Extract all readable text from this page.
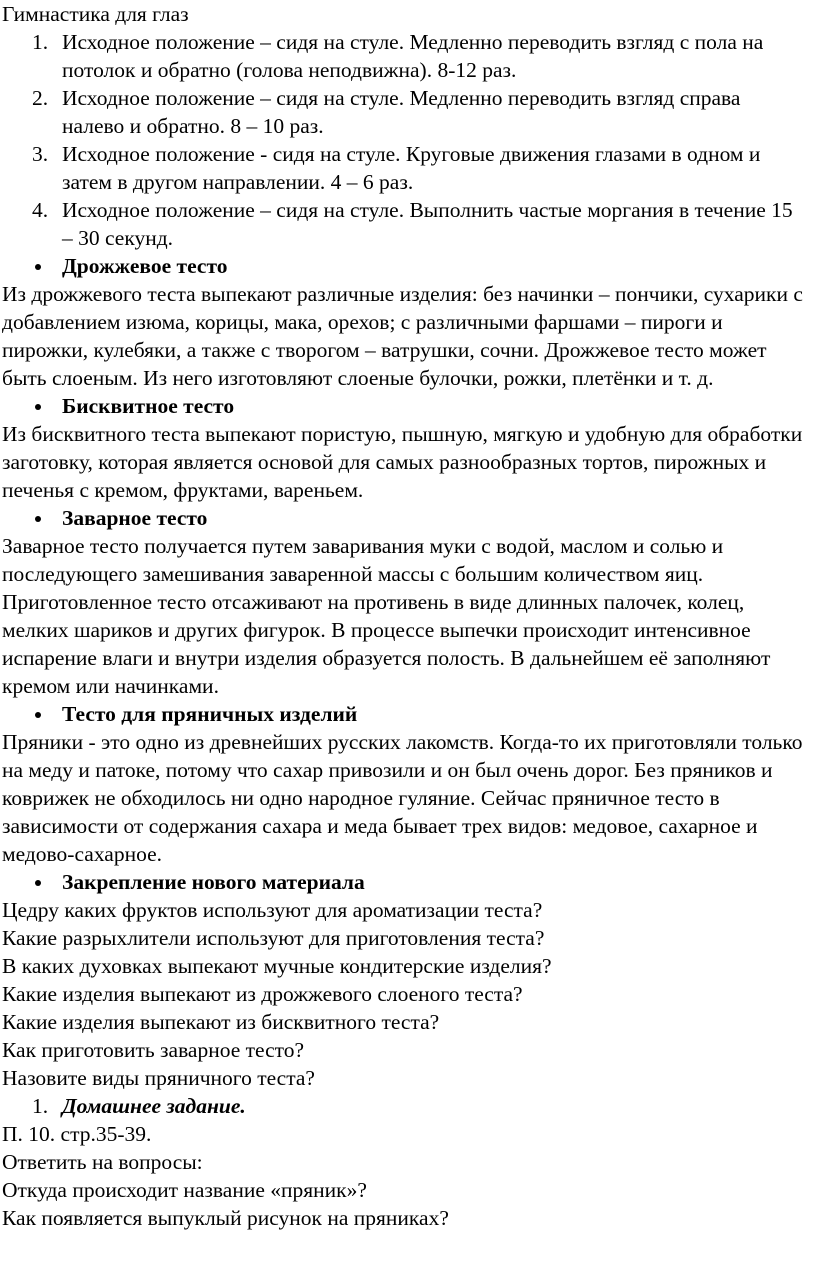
Гимнастика для глаз

1. Исходное положение – сидя на стуле. Медленно переводить взгляд с пола на потолок и обратно (голова неподвижна). 8-12 раз.
2. Исходное положение – сидя на стуле. Медленно переводить взгляд справа налево и обратно. 8 – 10 раз.
3. Исходное положение - сидя на стуле. Круговые движения глазами в одном и затем в другом направлении. 4 – 6 раз.
4. Исходное положение – сидя на стуле. Выполнить частые моргания в течение 15 – 30 секунд.
Дрожжевое тесто

Из дрожжевого теста выпекают различные изделия: без начинки – пончики, сухарики с добавлением изюма, корицы, мака, орехов; с различными фаршами – пироги и пирожки, кулебяки, а также с творогом – ватрушки, сочни. Дрожжевое тесто может быть слоеным. Из него изготовляют слоеные булочки, рожки, плетёнки и т. д.

Бисквитное тесто

Из бисквитного теста выпекают пористую, пышную, мягкую и удобную для обработки заготовку, которая является основой для самых разнообразных тортов, пирожных и печенья с кремом, фруктами, вареньем.

Заварное тесто

Заварное тесто получается путем заваривания муки с водой, маслом и солью и последующего замешивания заваренной массы с большим количеством яиц. Приготовленное тесто отсаживают на противень в виде длинных палочек, колец, мелких шариков и других фигурок. В процессе выпечки происходит интенсивное испарение влаги и внутри изделия образуется полость. В дальнейшем её заполняют кремом или начинками.

Тесто для пряничных изделий

Пряники - это одно из древнейших русских лакомств. Когда-то их приготовляли только на меду и патоке, потому что сахар привозили и он был очень дорог. Без пряников и коврижек не обходилось ни одно народное гуляние. Сейчас пряничное тесто в зависимости от содержания сахара и меда бывает трех видов: медовое, сахарное и медово-сахарное.

Закрепление нового материала

Цедру каких фруктов используют для ароматизации теста?

Какие разрыхлители используют для приготовления теста?

В каких духовках выпекают мучные кондитерские изделия?

Какие изделия выпекают из дрожжевого слоеного теста?

Какие изделия выпекают из бисквитного теста?

Как приготовить заварное тесто?

Назовите виды пряничного теста?

1. Домашнее задание.

П. 10. стр.35-39.

Ответить на вопросы:

Откуда происходит название «пряник»?

Как появляется выпуклый рисунок на пряниках?
